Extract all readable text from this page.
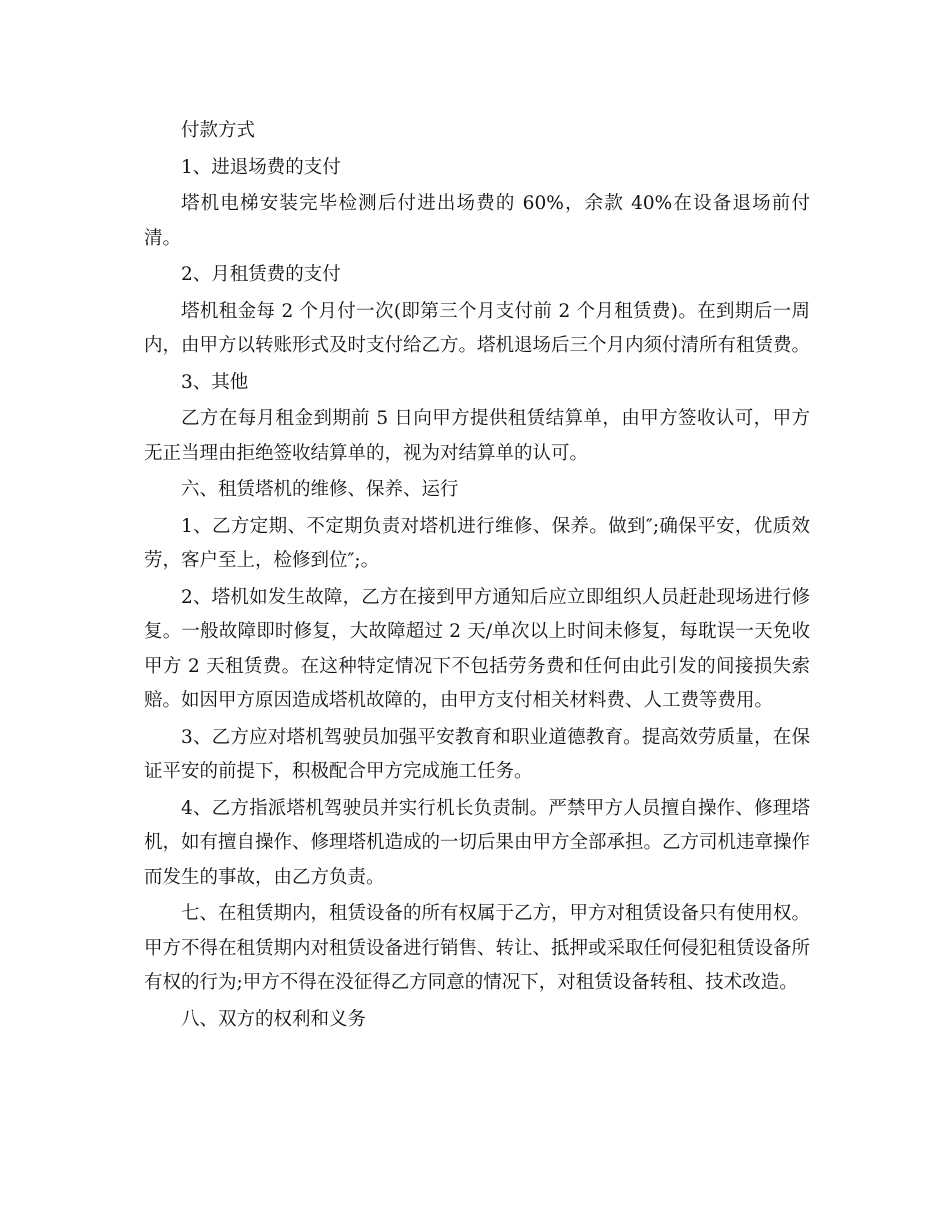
付款方式

1、进退场费的支付

塔机电梯安装完毕检测后付进出场费的 60%，余款 40%在设备退场前付清。

2、月租赁费的支付

塔机租金每 2 个月付一次(即第三个月支付前 2 个月租赁费)。在到期后一周内，由甲方以转账形式及时支付给乙方。塔机退场后三个月内须付清所有租赁费。

3、其他

乙方在每月租金到期前 5 日向甲方提供租赁结算单，由甲方签收认可，甲方无正当理由拒绝签收结算单的，视为对结算单的认可。

六、租赁塔机的维修、保养、运行

1、乙方定期、不定期负责对塔机进行维修、保养。做到″;确保平安，优质效劳，客户至上，检修到位″;。

2、塔机如发生故障，乙方在接到甲方通知后应立即组织人员赶赴现场进行修复。一般故障即时修复，大故障超过 2 天/单次以上时间未修复，每耽误一天免收甲方 2 天租赁费。在这种特定情况下不包括劳务费和任何由此引发的间接损失索赔。如因甲方原因造成塔机故障的，由甲方支付相关材料费、人工费等费用。

3、乙方应对塔机驾驶员加强平安教育和职业道德教育。提高效劳质量，在保证平安的前提下，积极配合甲方完成施工任务。

4、乙方指派塔机驾驶员并实行机长负责制。严禁甲方人员擅自操作、修理塔机，如有擅自操作、修理塔机造成的一切后果由甲方全部承担。乙方司机违章操作而发生的事故，由乙方负责。

七、在租赁期内，租赁设备的所有权属于乙方，甲方对租赁设备只有使用权。甲方不得在租赁期内对租赁设备进行销售、转让、抵押或采取任何侵犯租赁设备所有权的行为;甲方不得在没征得乙方同意的情况下，对租赁设备转租、技术改造。

八、双方的权利和义务
